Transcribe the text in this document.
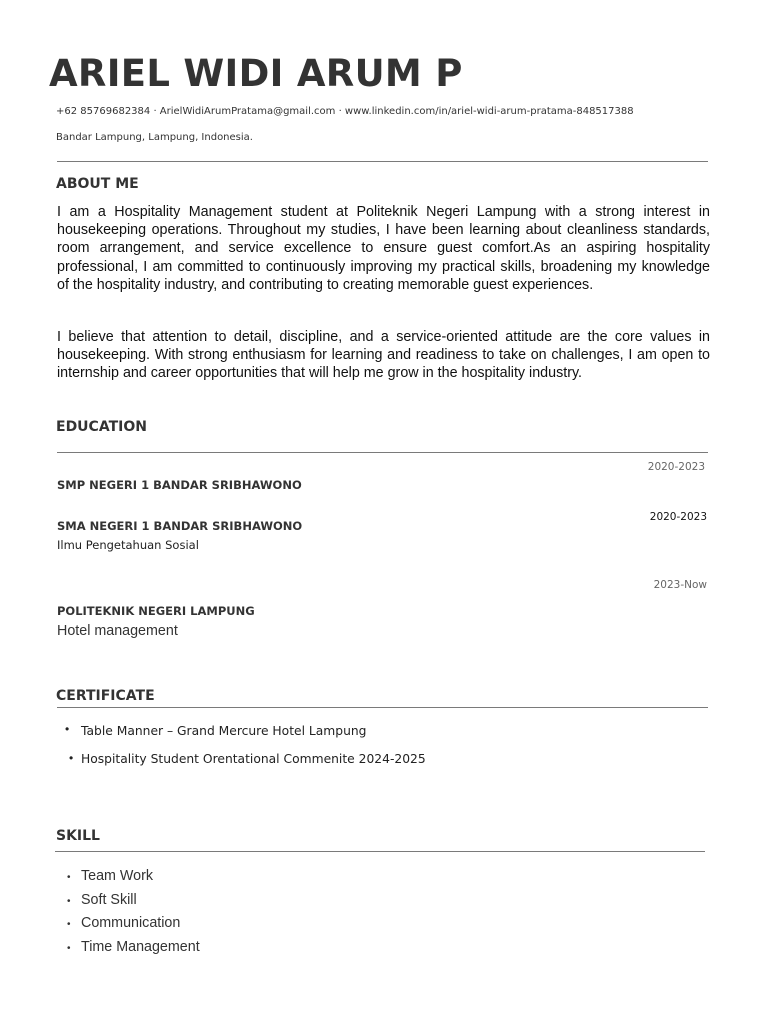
ARIEL WIDI ARUM P
+62 85769682384 · ArielWidiArumPratama@gmail.com · www.linkedin.com/in/ariel-widi-arum-pratama-848517388
Bandar Lampung, Lampung, Indonesia.
ABOUT ME
I am a Hospitality Management student at Politeknik Negeri Lampung with a strong interest in housekeeping operations. Throughout my studies, I have been learning about cleanliness standards, room arrangement, and service excellence to ensure guest comfort.As an aspiring hospitality professional, I am committed to continuously improving my practical skills, broadening my knowledge of the hospitality industry, and contributing to creating memorable guest experiences.
I believe that attention to detail, discipline, and a service-oriented attitude are the core values in housekeeping. With strong enthusiasm for learning and readiness to take on challenges, I am open to internship and career opportunities that will help me grow in the hospitality industry.
EDUCATION
2020-2023
SMP NEGERI 1 BANDAR SRIBHAWONO
2020-2023
SMA NEGERI 1 BANDAR SRIBHAWONO
Ilmu Pengetahuan Sosial
2023-Now
POLITEKNIK NEGERI LAMPUNG
Hotel management
CERTIFICATE
• Table Manner – Grand Mercure Hotel Lampung
• Hospitality Student Orentational Commenite 2024-2025
SKILL
• Team Work
• Soft Skill
• Communication
• Time Management
